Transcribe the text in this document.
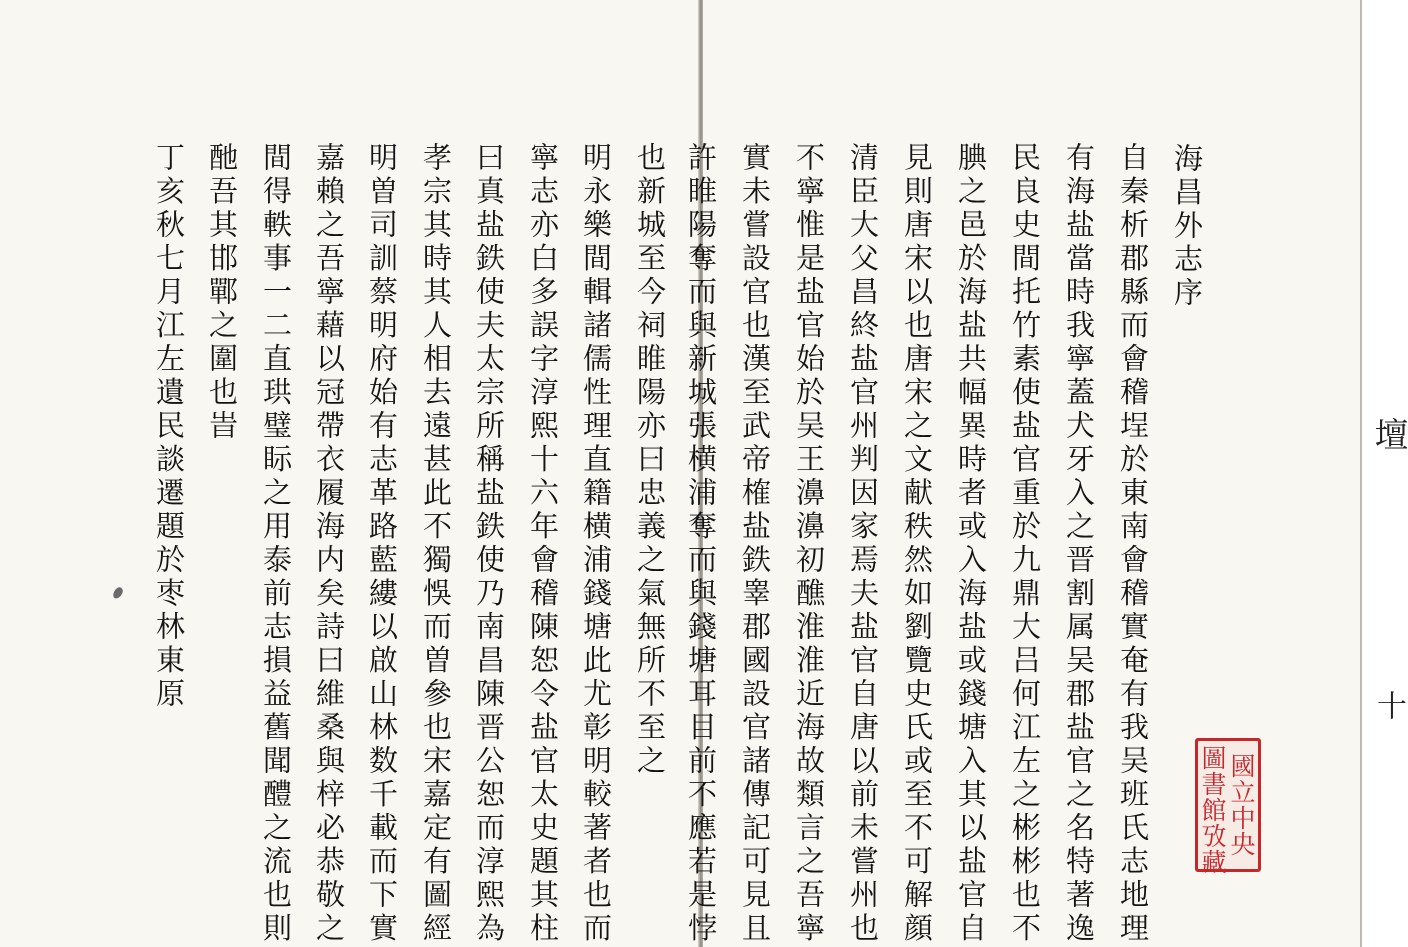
也新城至今祠睢陽亦曰忠義之氣無所不至之
明永樂間輯諸儒性理直籍横浦錢塘此尤彰明較著者也而
寧志亦白多誤字淳熙十六年會稽陳恕令盐官太史題其柱
曰真盐鉄使夫太宗所稱盐鉄使乃南昌陳晋公恕而淳熙為
孝宗其時其人相去遠甚此不獨悞而曽參也宋嘉定有圖經
明曽司訓蔡明府始有志革路藍縷以啟山林数千載而下實
嘉賴之吾寧藉以冠帶衣履海内矣詩曰維桑與梓必恭敬之
間得軼事一二直珙璧眎之用泰前志損益舊聞醴之流也則
酏吾其邯鄲之圍也旹
丁亥秋七月江左遺民談遷題於枣林東原	海昌外志序
自秦析郡縣而會稽埕於東南會稽實奄有我吴班氏志地理
有海盐當時我寧蓋犬牙入之晋割属吴郡盐官之名特著逸
民良史間托竹素使盐官重於九鼎大吕何江左之彬彬也不
腆之邑於海盐共幅異時者或入海盐或錢塘入其以盐官自
見則唐宋以也唐宋之文献秩然如劉覽史氏或至不可解顔
清臣大父昌終盐官州判因家焉夫盐官自唐以前未嘗州也
不寧惟是盐官始於吴王濞濞初醮淮淮近海故類言之吾寧
實未嘗設官也漢至武帝榷盐鉄睾郡國設官諸傳記可見且
許睢陽奪而與新城張横浦奪而與錢塘耳目前不應若是悖	國立中央
圖書館攷藏
壇
十
